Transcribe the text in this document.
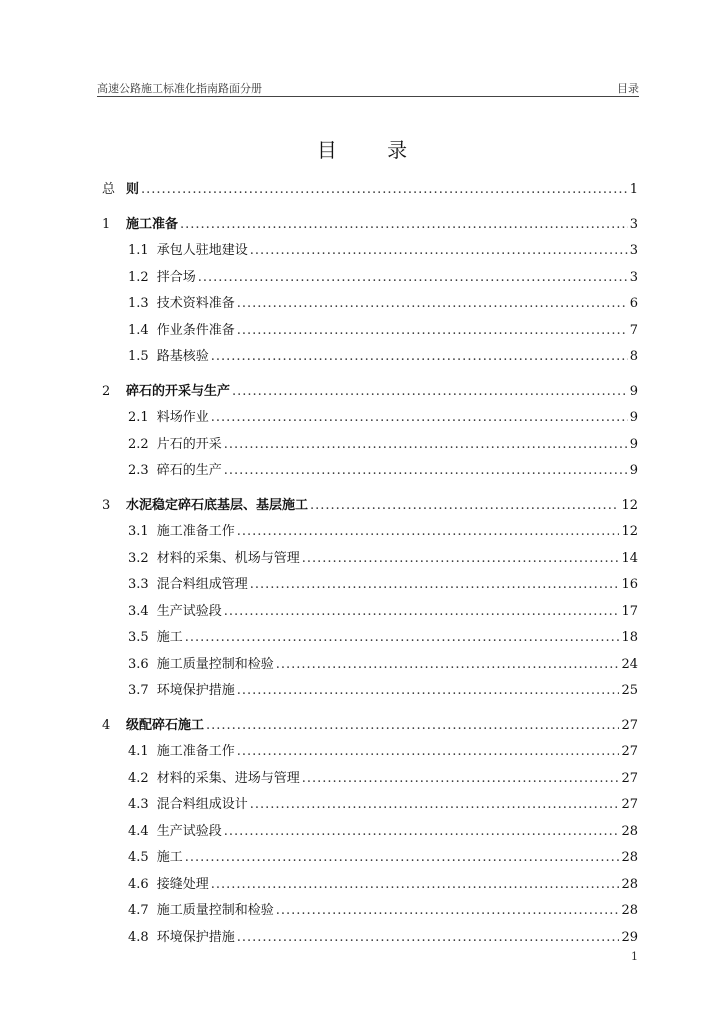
高速公路施工标准化指南路面分册	目录
目 录
总 则 .....	1
1	施工准备 .....	3
1.1 承包人驻地建设 .....	3
1.2 拌合场 .....	3
1.3 技术资料准备 .....	6
1.4 作业条件准备 .....	7
1.5 路基核验 .....	8
2	碎石的开采与生产 .....	9
2.1 料场作业 .....	9
2.2 片石的开采 .....	9
2.3 碎石的生产 .....	9
3	水泥稳定碎石底基层、基层施工 .....	12
3.1 施工准备工作 .....	12
3.2 材料的采集、机场与管理 .....	14
3.3 混合料组成管理 .....	16
3.4 生产试验段 .....	17
3.5 施工 .....	18
3.6 施工质量控制和检验 .....	24
3.7 环境保护措施 .....	25
4	级配碎石施工 .....	27
4.1 施工准备工作 .....	27
4.2 材料的采集、进场与管理 .....	27
4.3 混合料组成设计 .....	27
4.4 生产试验段 .....	28
4.5 施工 .....	28
4.6 接缝处理 .....	28
4.7 施工质量控制和检验 .....	28
4.8 环境保护措施 .....	29
1
